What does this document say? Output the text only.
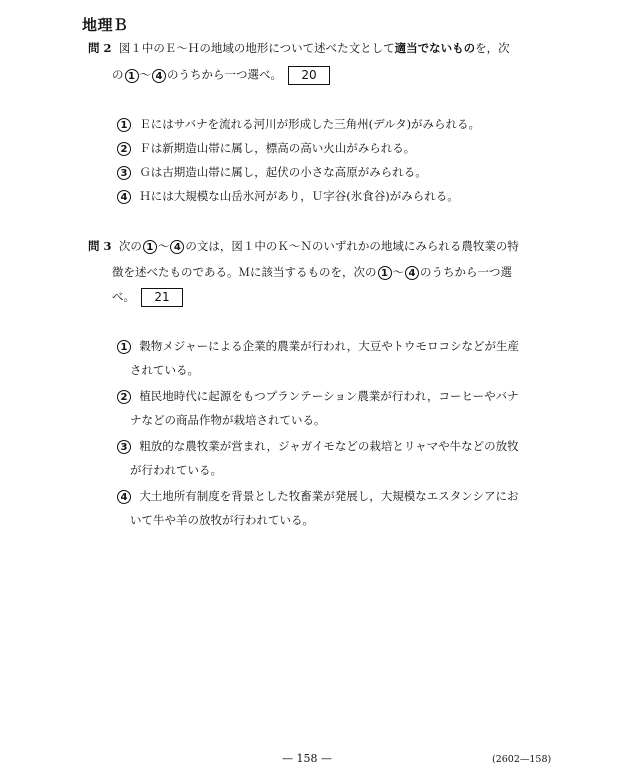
地理Ｂ
問 2 図１中のＥ～Ｈの地域の地形について述べた文として適当でないものを，次
の 1 ～ 4 のうちから一つ選べ。 20
1 Ｅにはサバナを流れる河川が形成した三角州(デルタ)がみられる。
2 Ｆは新期造山帯に属し，標高の高い火山がみられる。
3 Ｇは古期造山帯に属し，起伏の小さな高原がみられる。
4 Ｈには大規模な山岳氷河があり，Ｕ字谷(氷食谷)がみられる。
問 3 次の 1 ～ 4 の文は，図１中のＫ～Ｎのいずれかの地域にみられる農牧業の特
徴を述べたものである。Ｍに該当するものを，次の 1 ～ 4 のうちから一つ選
べ。 21
1 穀物メジャーによる企業的農業が行われ，大豆やトウモロコシなどが生産
されている。
2 植民地時代に起源をもつプランテーション農業が行われ，コーヒーやバナ
ナなどの商品作物が栽培されている。
3 粗放的な農牧業が営まれ，ジャガイモなどの栽培とリャマや牛などの放牧
が行われている。
4 大土地所有制度を背景とした牧畜業が発展し，大規模なエスタンシアにお
いて牛や羊の放牧が行われている。
— 158 —	(2602—158)
